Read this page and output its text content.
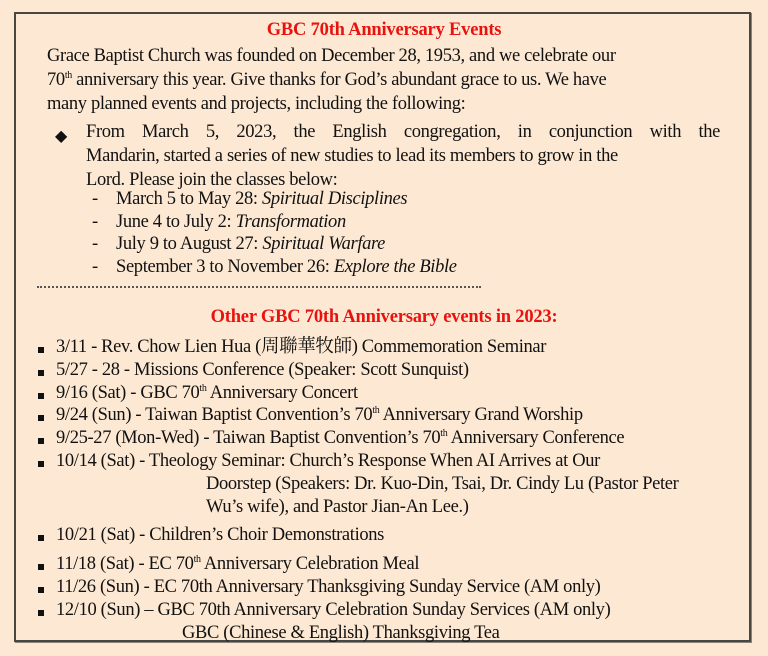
GBC 70th Anniversary Events
Grace Baptist Church was founded on December 28, 1953, and we celebrate our
70th anniversary this year. Give thanks for God’s abundant grace to us. We have
many planned events and projects, including the following:
◆ From March 5, 2023, the English congregation, in conjunction with the
Mandarin, started a series of new studies to lead its members to grow in the
Lord. Please join the classes below:
- March 5 to May 28: Spiritual Disciplines
- June 4 to July 2: Transformation
- July 9 to August 27: Spiritual Warfare
- September 3 to November 26: Explore the Bible
Other GBC 70th Anniversary events in 2023:
3/11 - Rev. Chow Lien Hua (周聯華牧師) Commemoration Seminar
5/27 - 28 - Missions Conference (Speaker: Scott Sunquist)
9/16 (Sat) - GBC 70th Anniversary Concert
9/24 (Sun) - Taiwan Baptist Convention’s 70th Anniversary Grand Worship
9/25-27 (Mon-Wed) - Taiwan Baptist Convention’s 70th Anniversary Conference
10/14 (Sat) - Theology Seminar: Church’s Response When AI Arrives at Our
Doorstep (Speakers: Dr. Kuo-Din, Tsai, Dr. Cindy Lu (Pastor Peter
Wu’s wife), and Pastor Jian-An Lee.)
10/21 (Sat) - Children’s Choir Demonstrations
11/18 (Sat) - EC 70th Anniversary Celebration Meal
11/26 (Sun) - EC 70th Anniversary Thanksgiving Sunday Service (AM only)
12/10 (Sun) – GBC 70th Anniversary Celebration Sunday Services (AM only)
GBC (Chinese & English) Thanksgiving Tea
